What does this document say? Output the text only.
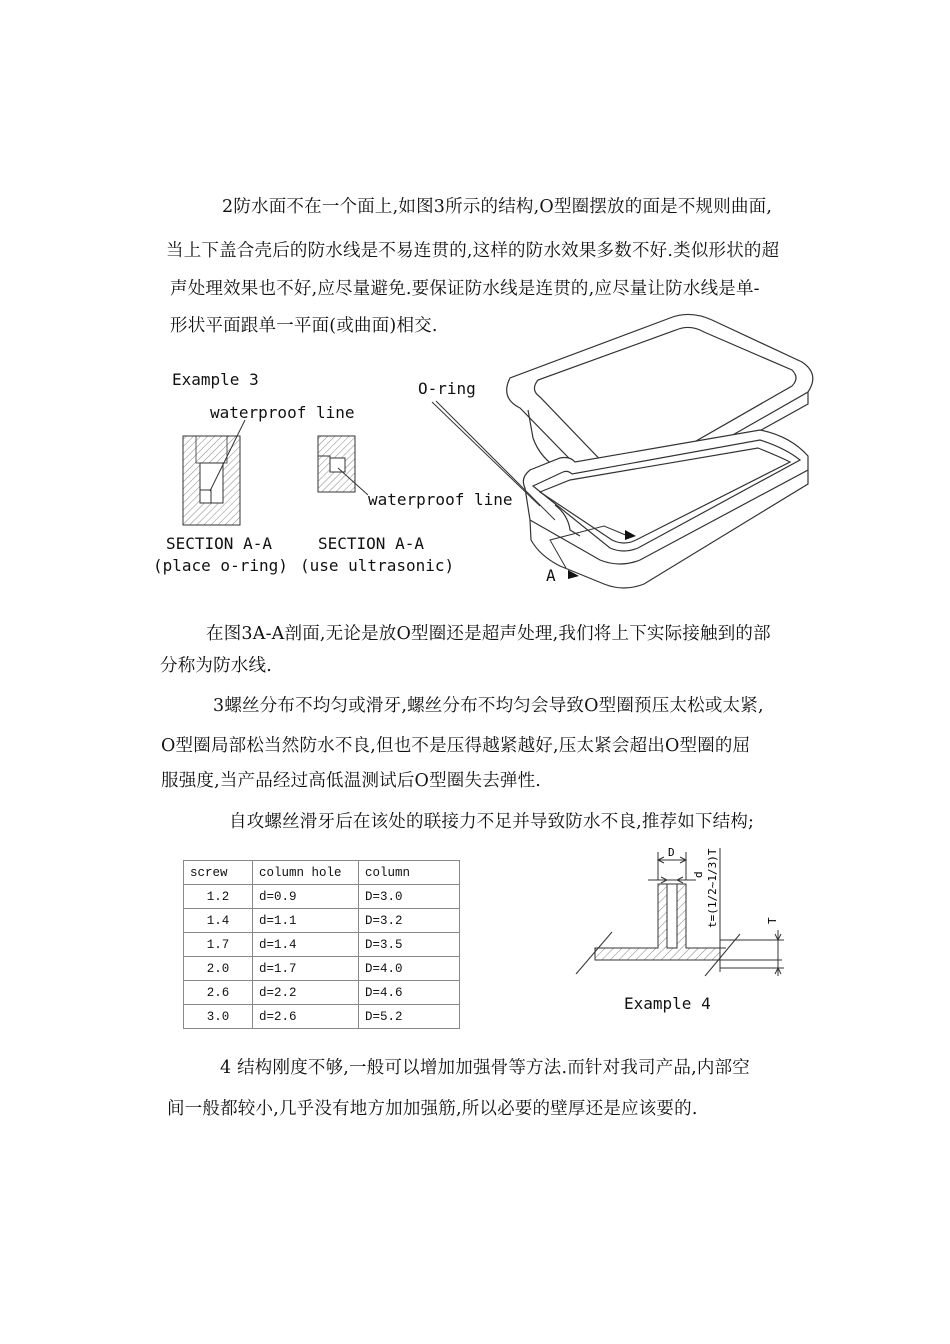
2防水面不在一个面上,如图3所示的结构,O型圈摆放的面是不规则曲面,
当上下盖合壳后的防水线是不易连贯的,这样的防水效果多数不好.类似形状的超
声处理效果也不好,应尽量避免.要保证防水线是连贯的,应尽量让防水线是单-
形状平面跟单一平面(或曲面)相交.
Example 3
waterproof line
O-ring
waterproof line
SECTION A-A
(place o-ring)
SECTION A-A
(use ultrasonic)
A
在图3A-A剖面,无论是放O型圈还是超声处理,我们将上下实际接触到的部
分称为防水线.
3螺丝分布不均匀或滑牙,螺丝分布不均匀会导致O型圈预压太松或太紧,
O型圈局部松当然防水不良,但也不是压得越紧越好,压太紧会超出O型圈的屈
服强度,当产品经过高低温测试后O型圈失去弹性.
自攻螺丝滑牙后在该处的联接力不足并导致防水不良,推荐如下结构;
screw	column hole	column
1.2	d=0.9	D=3.0
1.4	d=1.1	D=3.2
1.7	d=1.4	D=3.5
2.0	d=1.7	D=4.0
2.6	d=2.2	D=4.6
3.0	d=2.6	D=5.2
D
d t=(1/2~1/3)T	T
Example 4
4 结构刚度不够,一般可以增加加强骨等方法.而针对我司产品,内部空
间一般都较小,几乎没有地方加加强筋,所以必要的壁厚还是应该要的.
